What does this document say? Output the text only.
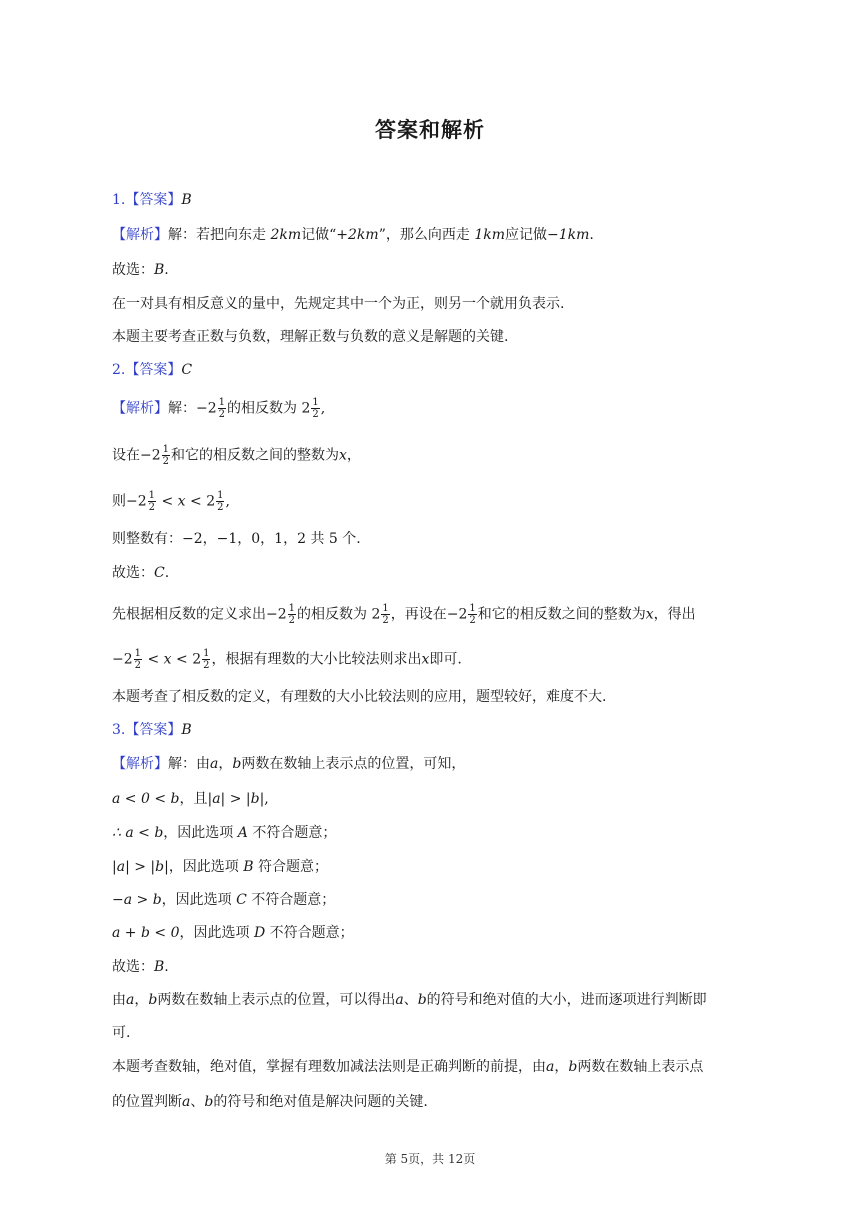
答案和解析
1.【答案】B
【解析】解：若把向东走 2km记做“+2km”，那么向西走 1km应记做−1km.
故选：B.
在一对具有相反意义的量中，先规定其中一个为正，则另一个就用负表示.
本题主要考查正数与负数，理解正数与负数的意义是解题的关键.
2.【答案】C
【解析】解：$-2 \frac{1}{2}$ 的相反数为 $2 \frac{1}{2}$ ,
设在$-2 \frac{1}{2}$ 和它的相反数之间的整数为x，
则$-2 \frac{1}{2} < x < 2 \frac{1}{2}$ ,
则整数有：−2，−1，0，1，2 共 5 个.
故选：C.
先根据相反数的定义求出$-2 \frac{1}{2}$ 的相反数为 $2 \frac{1}{2}$ ，再设在$-2 \frac{1}{2}$ 和它的相反数之间的整数为x，得出
$-2 \frac{1}{2} < x < 2 \frac{1}{2}$ ，根据有理数的大小比较法则求出x即可.
本题考查了相反数的定义，有理数的大小比较法则的应用，题型较好，难度不大.
3.【答案】B
【解析】解：由a，b两数在数轴上表示点的位置，可知，
a < 0 < b，且|a| > |b|,
∴ a < b，因此选项 A 不符合题意；
|a| > |b|，因此选项 B 符合题意；
−a > b，因此选项 C 不符合题意；
a + b < 0，因此选项 D 不符合题意；
故选：B.
由a，b两数在数轴上表示点的位置，可以得出a、b的符号和绝对值的大小，进而逐项进行判断即
可.
本题考查数轴，绝对值，掌握有理数加减法法则是正确判断的前提，由a，b两数在数轴上表示点
的位置判断a、b的符号和绝对值是解决问题的关键.
第 5页，共 12页
